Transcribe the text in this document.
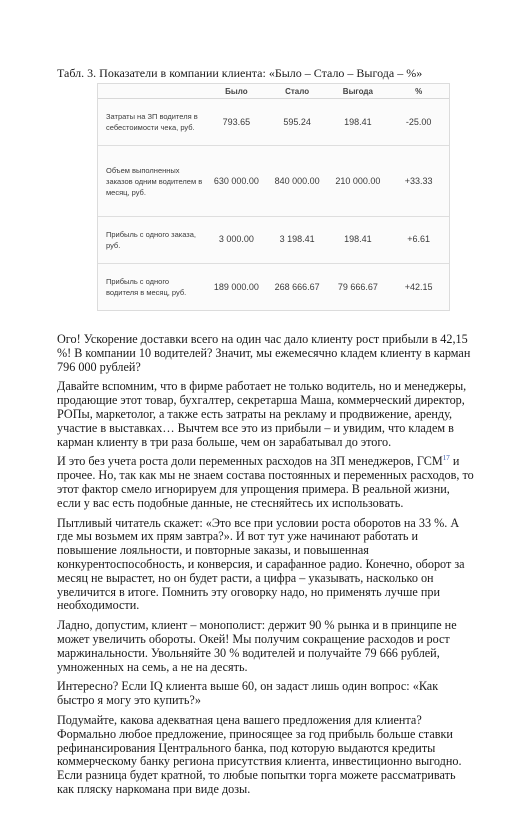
Табл. 3. Показатели в компании клиента: «Было – Стало – Выгода – %»
	Было	Стало	Выгода	%
Затраты на ЗП водителя в себестоимости чека, руб.	793.65	595.24	198.41	-25.00
Объем выполненных заказов одним водителем в месяц, руб.	630 000.00	840 000.00	210 000.00	+33.33
Прибыль с одного заказа, руб.	3 000.00	3 198.41	198.41	+6.61
Прибыль с одного водителя в месяц, руб.	189 000.00	268 666.67	79 666.67	+42.15

Ого! Ускорение доставки всего на один час дало клиенту рост прибыли в 42,15 %! В компании 10 водителей? Значит, мы ежемесячно кладем клиенту в карман 796 000 рублей?

Давайте вспомним, что в фирме работает не только водитель, но и менеджеры, продающие этот товар, бухгалтер, секретарша Маша, коммерческий директор, РОПы, маркетолог, а также есть затраты на рекламу и продвижение, аренду, участие в выставках… Вычтем все это из прибыли – и увидим, что кладем в карман клиенту в три раза больше, чем он зарабатывал до этого.

И это без учета роста доли переменных расходов на ЗП менеджеров, ГСМ$^{17}$ и прочее. Но, так как мы не знаем состава постоянных и переменных расходов, то этот фактор смело игнорируем для упрощения примера. В реальной жизни, если у вас есть подобные данные, не стесняйтесь их использовать.

Пытливый читатель скажет: «Это все при условии роста оборотов на 33 %. А где мы возьмем их прям завтра?». И вот тут уже начинают работать и повышение лояльности, и повторные заказы, и повышенная конкурентоспособность, и конверсия, и сарафанное радио. Конечно, оборот за месяц не вырастет, но он будет расти, а цифра – указывать, насколько он увеличится в итоге. Помнить эту оговорку надо, но применять лучше при необходимости.

Ладно, допустим, клиент – монополист: держит 90 % рынка и в принципе не может увеличить обороты. Окей! Мы получим сокращение расходов и рост маржинальности. Увольняйте 30 % водителей и получайте 79 666 рублей, умноженных на семь, а не на десять.

Интересно? Если IQ клиента выше 60, он задаст лишь один вопрос: «Как быстро я могу это купить?»

Подумайте, какова адекватная цена вашего предложения для клиента? Формально любое предложение, приносящее за год прибыль больше ставки рефинансирования Центрального банка, под которую выдаются кредиты коммерческому банку региона присутствия клиента, инвестиционно выгодно. Если разница будет кратной, то любые попытки торга можете рассматривать как пляску наркомана при виде дозы.
